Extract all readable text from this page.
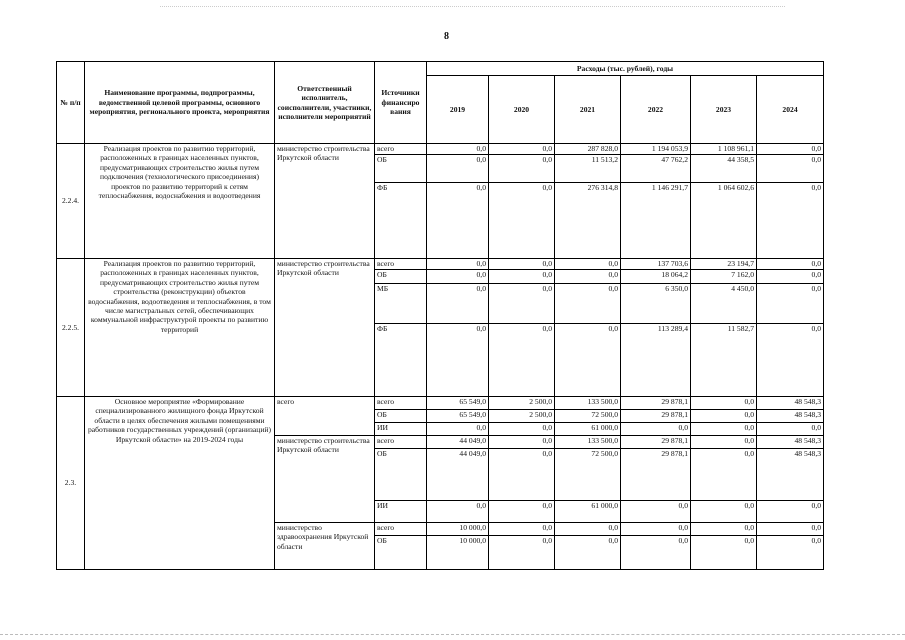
8
№ п/п	Наименование программы, подпрограммы, ведомственной целевой программы, основного мероприятия, регионального проекта, мероприятия	Ответственный исполнитель, соисполнители, участники, исполнители мероприятий	Источники финансиро вания	Расходы (тыс. рублей), годы					
				2019	2020	2021	2022	2023	2024
2.2.4.	Реализация проектов по развитию территорий, расположенных в границах населенных пунктов, предусматривающих строительство жилья путем подключения (технологического присоединения) проектов по развитию территорий к сетям теплоснабжения, водоснабжения и водоотведения	министерство строительства Иркутской области	всего	0,0	0,0	287 828,0	1 194 053,9	1 108 961,1	0,0
			ОБ	0,0	0,0	11 513,2	47 762,2	44 358,5	0,0
			ФБ	0,0	0,0	276 314,8	1 146 291,7	1 064 602,6	0,0
2.2.5.	Реализация проектов по развитию территорий, расположенных в границах населенных пунктов, предусматривающих строительство жилья путем строительства (реконструкции) объектов водоснабжения, водоотведения и теплоснабжения, в том числе магистральных сетей, обеспечивающих коммунальной инфраструктурой проекты по развитию территорий	министерство строительства Иркутской области	всего	0,0	0,0	0,0	137 703,6	23 194,7	0,0
			ОБ	0,0	0,0	0,0	18 064,2	7 162,0	0,0
			МБ	0,0	0,0	0,0	6 350,0	4 450,0	0,0
			ФБ	0,0	0,0	0,0	113 289,4	11 582,7	0,0
2.3.	Основное мероприятие «Формирование специализированного жилищного фонда Иркутской области в целях обеспечения жилыми помещениями работников государственных учреждений (организаций) Иркутской области» на 2019-2024 годы	всего	всего	65 549,0	2 500,0	133 500,0	29 878,1	0,0	48 548,3
			ОБ	65 549,0	2 500,0	72 500,0	29 878,1	0,0	48 548,3
			ИИ	0,0	0,0	61 000,0	0,0	0,0	0,0
		министерство строительства Иркутской области	всего	44 049,0	0,0	133 500,0	29 878,1	0,0	48 548,3
			ОБ	44 049,0	0,0	72 500,0	29 878,1	0,0	48 548,3
			ИИ	0,0	0,0	61 000,0	0,0	0,0	0,0
		министерство здравоохранения Иркутской области	всего	10 000,0	0,0	0,0	0,0	0,0	0,0
			ОБ	10 000,0	0,0	0,0	0,0	0,0	0,0
